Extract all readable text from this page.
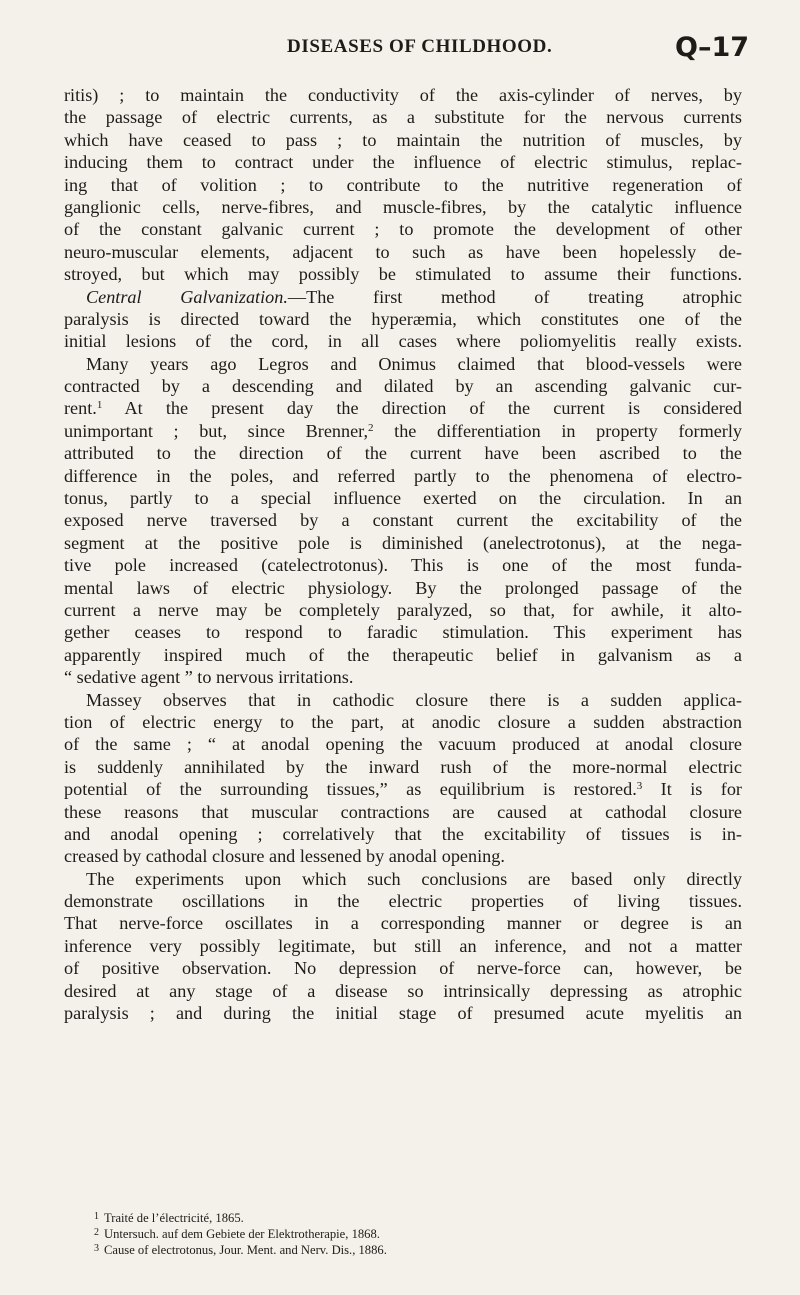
DISEASES OF CHILDHOOD.	Q–17
ritis) ; to maintain the conductivity of the axis-cylinder of nerves, by
the passage of electric currents, as a substitute for the nervous currents
which have ceased to pass ; to maintain the nutrition of muscles, by
inducing them to contract under the influence of electric stimulus, replac-
ing that of volition ; to contribute to the nutritive regeneration of
ganglionic cells, nerve-fibres, and muscle-fibres, by the catalytic influence
of the constant galvanic current ; to promote the development of other
neuro-muscular elements, adjacent to such as have been hopelessly de-
stroyed, but which may possibly be stimulated to assume their functions.
Central Galvanization.—The first method of treating atrophic
paralysis is directed toward the hyperæmia, which constitutes one of the
initial lesions of the cord, in all cases where poliomyelitis really exists.
Many years ago Legros and Onimus claimed that blood-vessels were
contracted by a descending and dilated by an ascending galvanic cur-
rent.$^1$ At the present day the direction of the current is considered
unimportant ; but, since Brenner,$^2$ the differentiation in property formerly
attributed to the direction of the current have been ascribed to the
difference in the poles, and referred partly to the phenomena of electro-
tonus, partly to a special influence exerted on the circulation. In an
exposed nerve traversed by a constant current the excitability of the
segment at the positive pole is diminished (anelectrotonus), at the nega-
tive pole increased (catelectrotonus). This is one of the most funda-
mental laws of electric physiology. By the prolonged passage of the
current a nerve may be completely paralyzed, so that, for awhile, it alto-
gether ceases to respond to faradic stimulation. This experiment has
apparently inspired much of the therapeutic belief in galvanism as a
“ sedative agent ” to nervous irritations.
Massey observes that in cathodic closure there is a sudden applica-
tion of electric energy to the part, at anodic closure a sudden abstraction
of the same ; “ at anodal opening the vacuum produced at anodal closure
is suddenly annihilated by the inward rush of the more-normal electric
potential of the surrounding tissues,” as equilibrium is restored.$^3$ It is for
these reasons that muscular contractions are caused at cathodal closure
and anodal opening ; correlatively that the excitability of tissues is in-
creased by cathodal closure and lessened by anodal opening.
The experiments upon which such conclusions are based only directly
demonstrate oscillations in the electric properties of living tissues.
That nerve-force oscillates in a corresponding manner or degree is an
inference very possibly legitimate, but still an inference, and not a matter
of positive observation. No depression of nerve-force can, however, be
desired at any stage of a disease so intrinsically depressing as atrophic
paralysis ; and during the initial stage of presumed acute myelitis an
1 Traité de l’électricité, 1865.
2 Untersuch. auf dem Gebiete der Elektrotherapie, 1868.
3 Cause of electrotonus, Jour. Ment. and Nerv. Dis., 1886.
